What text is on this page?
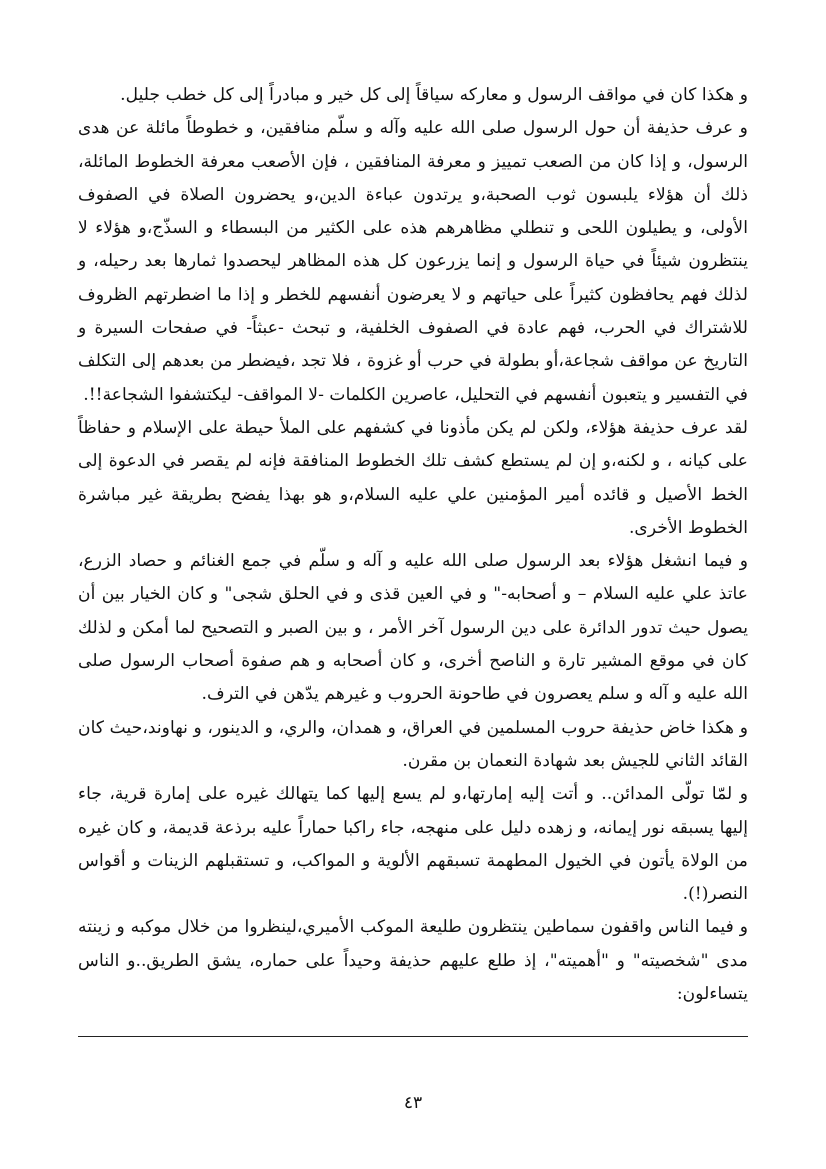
و هكذا كان في مواقف الرسول و معاركه سياقاً إلى كل خير و مبادراً إلى كل خطب جليل.

و عرف حذيفة أن حول الرسول صلى الله عليه وآله و سلّم منافقين، و خطوطاً مائلة عن هدى الرسول، و إذا كان من الصعب تمييز و معرفة المنافقين ، فإن الأصعب معرفة الخطوط المائلة، ذلك أن هؤلاء يلبسون ثوب الصحبة،و يرتدون عباءة الدين،و يحضرون الصلاة في الصفوف الأولى، و يطيلون اللحى و تنطلي مظاهرهم هذه على الكثير من البسطاء و السذّج،و هؤلاء لا ينتظرون شيئاً في حياة الرسول و إنما يزرعون كل هذه المظاهر ليحصدوا ثمارها بعد رحيله، و لذلك فهم يحافظون كثيراً على حياتهم و لا يعرضون أنفسهم للخطر و إذا ما اضطرتهم الظروف للاشتراك في الحرب، فهم عادة في الصفوف الخلفية، و تبحث -عبثاً- في صفحات السيرة و التاريخ عن مواقف شجاعة،أو بطولة في حرب أو غزوة ، فلا تجد ،فيضطر من بعدهم إلى التكلف في التفسير و يتعبون أنفسهم في التحليل، عاصرين الكلمات -لا المواقف- ليكتشفوا الشجاعة!!.

لقد عرف حذيفة هؤلاء، ولكن لم يكن مأذونا في كشفهم على الملأ حيطة على الإسلام و حفاظاً على كيانه ، و لكنه،و إن لم يستطع كشف تلك الخطوط المنافقة فإنه لم يقصر في الدعوة إلى الخط الأصيل و قائده أمير المؤمنين علي عليه السلام،و هو بهذا يفضح بطريقة غير مباشرة الخطوط الأخرى.

و فيما انشغل هؤلاء بعد الرسول صلى الله عليه و آله و سلّم في جمع الغنائم و حصاد الزرع، عاتذ علي عليه السلام – و أصحابه-" و في العين قذى و في الحلق شجى" و كان الخيار بين أن يصول حيث تدور الدائرة على دين الرسول آخر الأمر ، و بين الصبر و التصحيح لما أمكن و لذلك كان في موقع المشير تارة و الناصح أخرى، و كان أصحابه و هم صفوة أصحاب الرسول صلى الله عليه و آله و سلم يعصرون في طاحونة الحروب و غيرهم يدّهن في الترف.

و هكذا خاض حذيفة حروب المسلمين في العراق، و همدان، والري، و الدينور، و نهاوند،حيث كان القائد الثاني للجيش بعد شهادة النعمان بن مقرن.

و لمّا تولّى المدائن.. و أتت إليه إمارتها،و لم يسع إليها كما يتهالك غيره على إمارة قرية، جاء إليها يسبقه نور إيمانه، و زهده دليل على منهجه، جاء راكبا حماراً عليه برذعة قديمة، و كان غيره من الولاة يأتون في الخيول المطهمة تسبقهم الألوية و المواكب، و تستقبلهم الزينات و أقواس النصر(!).

و فيما الناس واقفون سماطين ينتظرون طليعة الموكب الأميري،لينظروا من خلال موكبه و زينته مدى "شخصيته" و "أهميته"، إذ طلع عليهم حذيفة وحيداً على حماره، يشق الطريق..و الناس يتساءلون:

٤٣
